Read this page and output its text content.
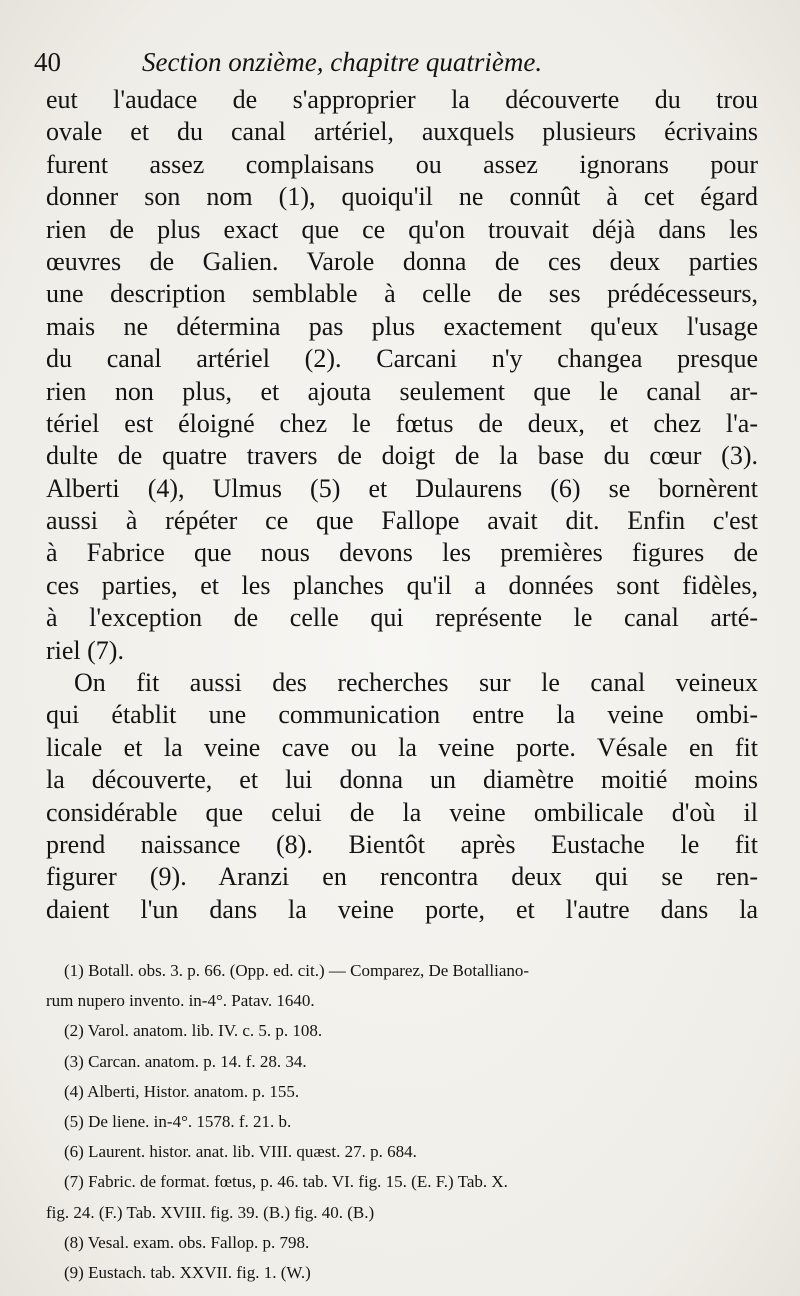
40	Section onzième, chapitre quatrième.
eut l'audace de s'approprier la découverte du trou
ovale et du canal artériel, auxquels plusieurs écrivains
furent assez complaisans ou assez ignorans pour
donner son nom (1), quoiqu'il ne connût à cet égard
rien de plus exact que ce qu'on trouvait déjà dans les
œuvres de Galien. Varole donna de ces deux parties
une description semblable à celle de ses prédécesseurs,
mais ne détermina pas plus exactement qu'eux l'usage
du canal artériel (2). Carcani n'y changea presque
rien non plus, et ajouta seulement que le canal ar-
tériel est éloigné chez le fœtus de deux, et chez l'a-
dulte de quatre travers de doigt de la base du cœur (3).
Alberti (4), Ulmus (5) et Dulaurens (6) se bornèrent
aussi à répéter ce que Fallope avait dit. Enfin c'est
à Fabrice que nous devons les premières figures de
ces parties, et les planches qu'il a données sont fidèles,
à l'exception de celle qui représente le canal arté-
riel (7).
On fit aussi des recherches sur le canal veineux
qui établit une communication entre la veine ombi-
licale et la veine cave ou la veine porte. Vésale en fit
la découverte, et lui donna un diamètre moitié moins
considérable que celui de la veine ombilicale d'où il
prend naissance (8). Bientôt après Eustache le fit
figurer (9). Aranzi en rencontra deux qui se ren-
daient l'un dans la veine porte, et l'autre dans la
(1) Botall. obs. 3. p. 66. (Opp. ed. cit.) — Comparez, De Botalliano-
rum nupero invento. in-4°. Patav. 1640.
(2) Varol. anatom. lib. IV. c. 5. p. 108.
(3) Carcan. anatom. p. 14. f. 28. 34.
(4) Alberti, Histor. anatom. p. 155.
(5) De liene. in-4°. 1578. f. 21. b.
(6) Laurent. histor. anat. lib. VIII. quæst. 27. p. 684.
(7) Fabric. de format. fœtus, p. 46. tab. VI. fig. 15. (E. F.) Tab. X.
fig. 24. (F.) Tab. XVIII. fig. 39. (B.) fig. 40. (B.)
(8) Vesal. exam. obs. Fallop. p. 798.
(9) Eustach. tab. XXVII. fig. 1. (W.)
